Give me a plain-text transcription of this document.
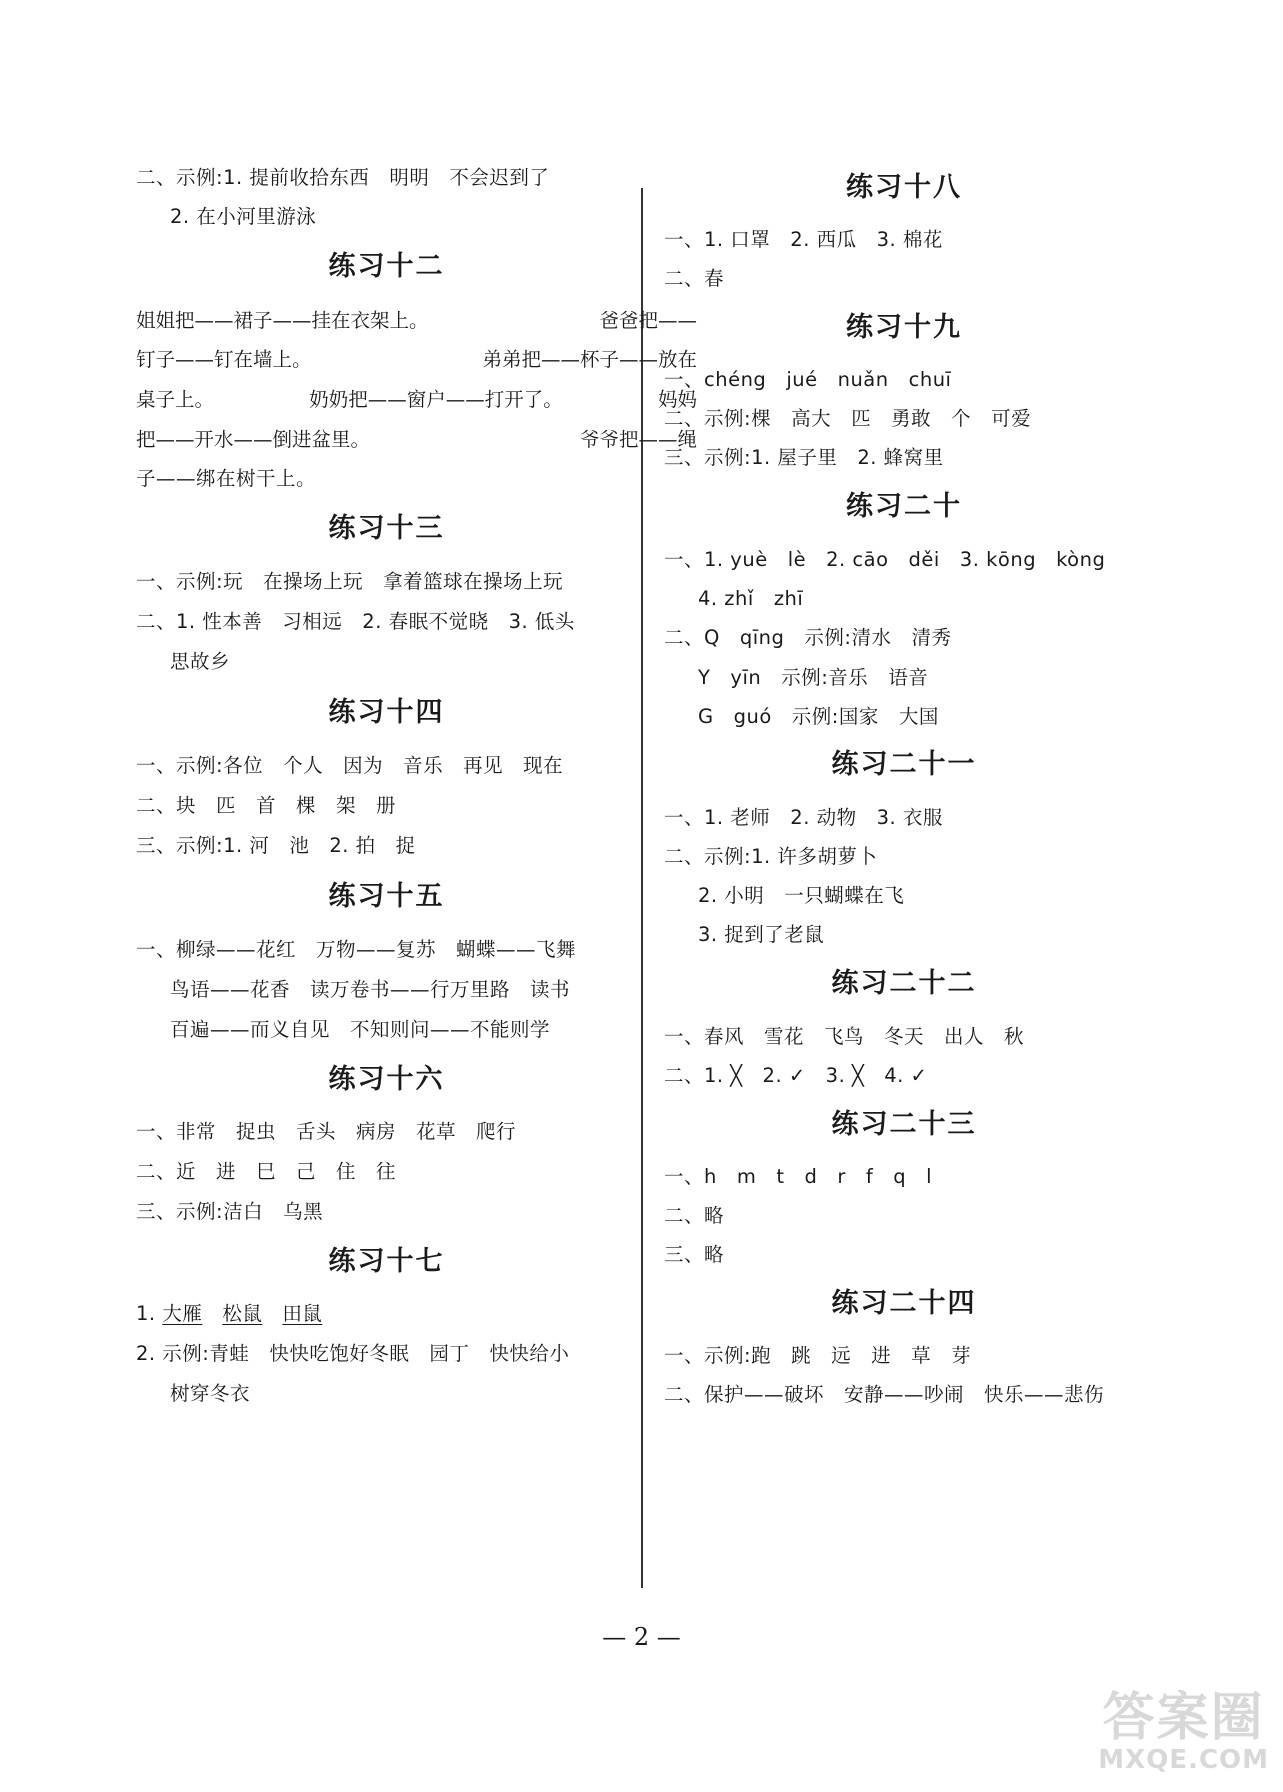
二、示例:1. 提前收拾东西　明明　不会迟到了
2. 在小河里游泳
练习十二
姐姐把——裙子——挂在衣架上。	爸爸把——
钉子——钉在墙上。	弟弟把——杯子——放在
桌子上。	奶奶把——窗户——打开了。	妈妈
把——开水——倒进盆里。	爷爷把——绳
子——绑在树干上。
练习十三
一、示例:玩　在操场上玩　拿着篮球在操场上玩
二、1. 性本善　习相远　2. 春眠不觉晓　3. 低头
思故乡
练习十四
一、示例:各位　个人　因为　音乐　再见　现在
二、块　匹　首　棵　架　册
三、示例:1. 河　池　2. 拍　捉
练习十五
一、柳绿——花红　万物——复苏　蝴蝶——飞舞
鸟语——花香　读万卷书——行万里路　读书
百遍——而义自见　不知则问——不能则学
练习十六
一、非常　捉虫　舌头　病房　花草　爬行
二、近　进　巳　己　住　往
三、示例:洁白　乌黑
练习十七
1. 大雁　 松鼠　 田鼠
2. 示例:青蛙　快快吃饱好冬眠　园丁　快快给小
树穿冬衣
练习十八
一、1. 口罩　2. 西瓜　3. 棉花
二、春
练习十九
一、chéng　jué　nuǎn　chuī
二、示例:棵　高大　匹　勇敢　个　可爱
三、示例:1. 屋子里　2. 蜂窝里
练习二十
一、1. yuè　lè　2. cāo　děi　3. kōng　kòng
4. zhǐ　zhī
二、Q　qīng　示例:清水　清秀
Y　yīn　示例:音乐　语音
G　guó　示例:国家　大国
练习二十一
一、1. 老师　2. 动物　3. 衣服
二、示例:1. 许多胡萝卜
2. 小明　一只蝴蝶在飞
3. 捉到了老鼠
练习二十二
一、春风　雪花　飞鸟　冬天　出人　秋
二、1. ╳　2. ✓　3. ╳　4. ✓
练习二十三
一、h　m　t　d　r　f　q　l
二、略
三、略
练习二十四
一、示例:跑　跳　远　进　草　芽
二、保护——破坏　安静——吵闹　快乐——悲伤
— 2 —
答案圈
MXQE.COM
